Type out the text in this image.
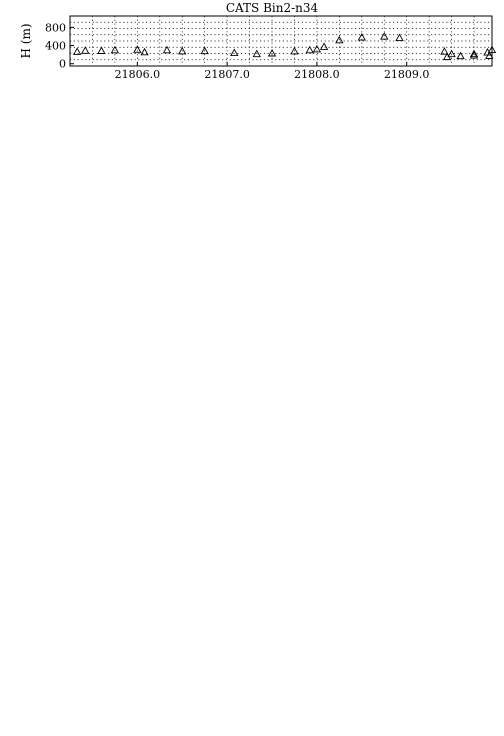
CATS Bin2-n34
0
400
800
21806.0	21807.0	21808.0	21809.0
H (m)
